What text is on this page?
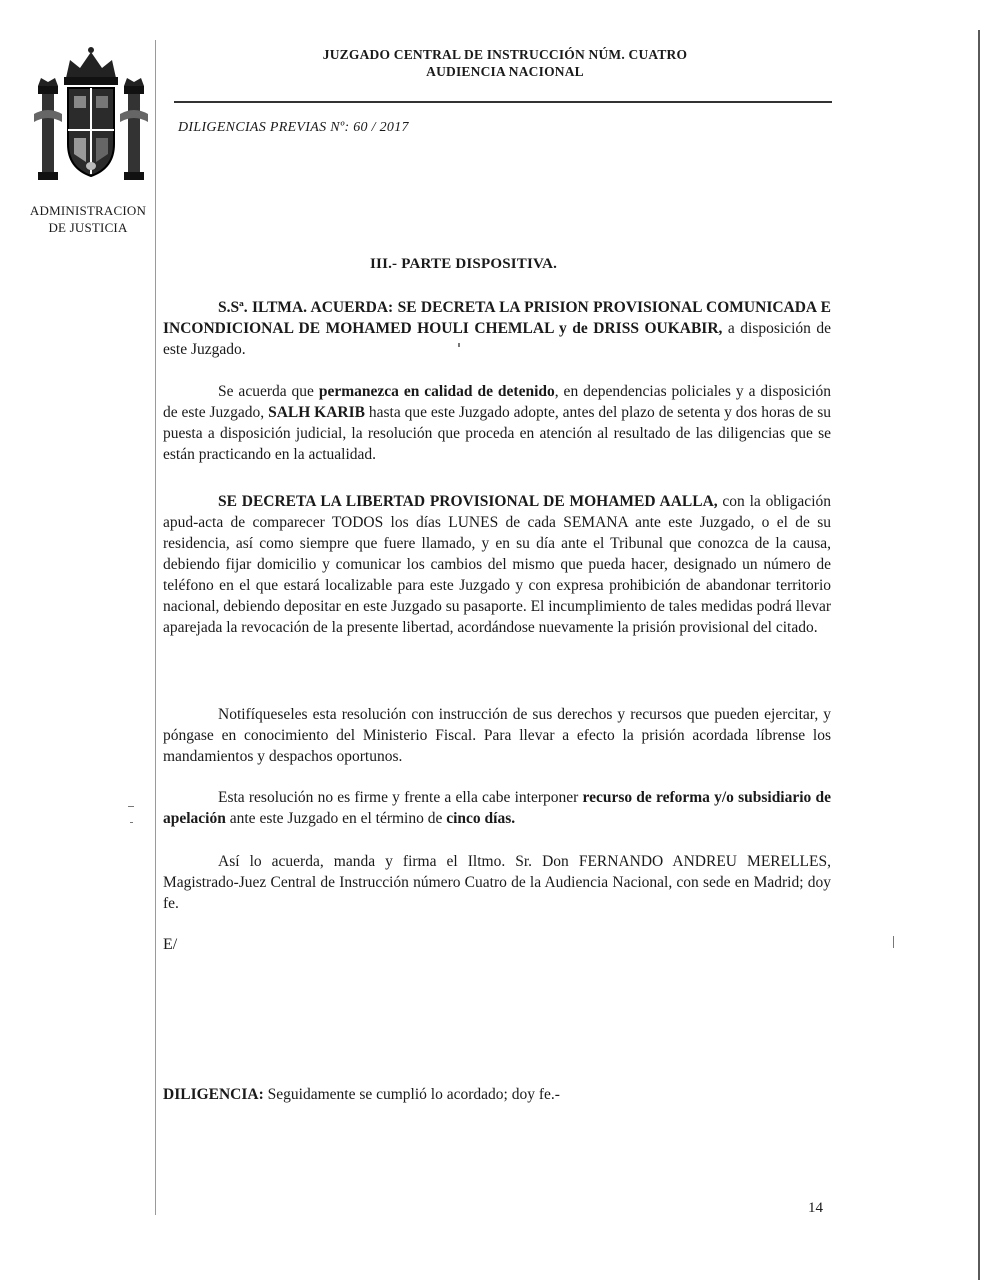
ADMINISTRACION
DE JUSTICIA
JUZGADO CENTRAL DE INSTRUCCIÓN NÚM. CUATRO
AUDIENCIA NACIONAL
DILIGENCIAS PREVIAS Nº: 60 / 2017
III.- PARTE DISPOSITIVA.

S.Sª. ILTMA. ACUERDA: SE DECRETA LA PRISION PROVISIONAL COMUNICADA E INCONDICIONAL DE MOHAMED HOULI CHEMLAL y de DRISS OUKABIR, a disposición de este Juzgado.

Se acuerda que permanezca en calidad de detenido, en dependencias policiales y a disposición de este Juzgado, SALH KARIB hasta que este Juzgado adopte, antes del plazo de setenta y dos horas de su puesta a disposición judicial, la resolución que proceda en atención al resultado de las diligencias que se están practicando en la actualidad.

SE DECRETA LA LIBERTAD PROVISIONAL DE MOHAMED AALLA, con la obligación apud-acta de comparecer TODOS los días LUNES de cada SEMANA ante este Juzgado, o el de su residencia, así como siempre que fuere llamado, y en su día ante el Tribunal que conozca de la causa, debiendo fijar domicilio y comunicar los cambios del mismo que pueda hacer, designado un número de teléfono en el que estará localizable para este Juzgado y con expresa prohibición de abandonar territorio nacional, debiendo depositar en este Juzgado su pasaporte. El incumplimiento de tales medidas podrá llevar aparejada la revocación de la presente libertad, acordándose nuevamente la prisión provisional del citado.

Notifíqueseles esta resolución con instrucción de sus derechos y recursos que pueden ejercitar, y póngase en conocimiento del Ministerio Fiscal. Para llevar a efecto la prisión acordada líbrense los mandamientos y despachos oportunos.

Esta resolución no es firme y frente a ella cabe interponer recurso de reforma y/o subsidiario de apelación ante este Juzgado en el término de cinco días.

Así lo acuerda, manda y firma el Iltmo. Sr. Don FERNANDO ANDREU MERELLES, Magistrado-Juez Central de Instrucción número Cuatro de la Audiencia Nacional, con sede en Madrid; doy fe.

E/
DILIGENCIA: Seguidamente se cumplió lo acordado; doy fe.-
14
